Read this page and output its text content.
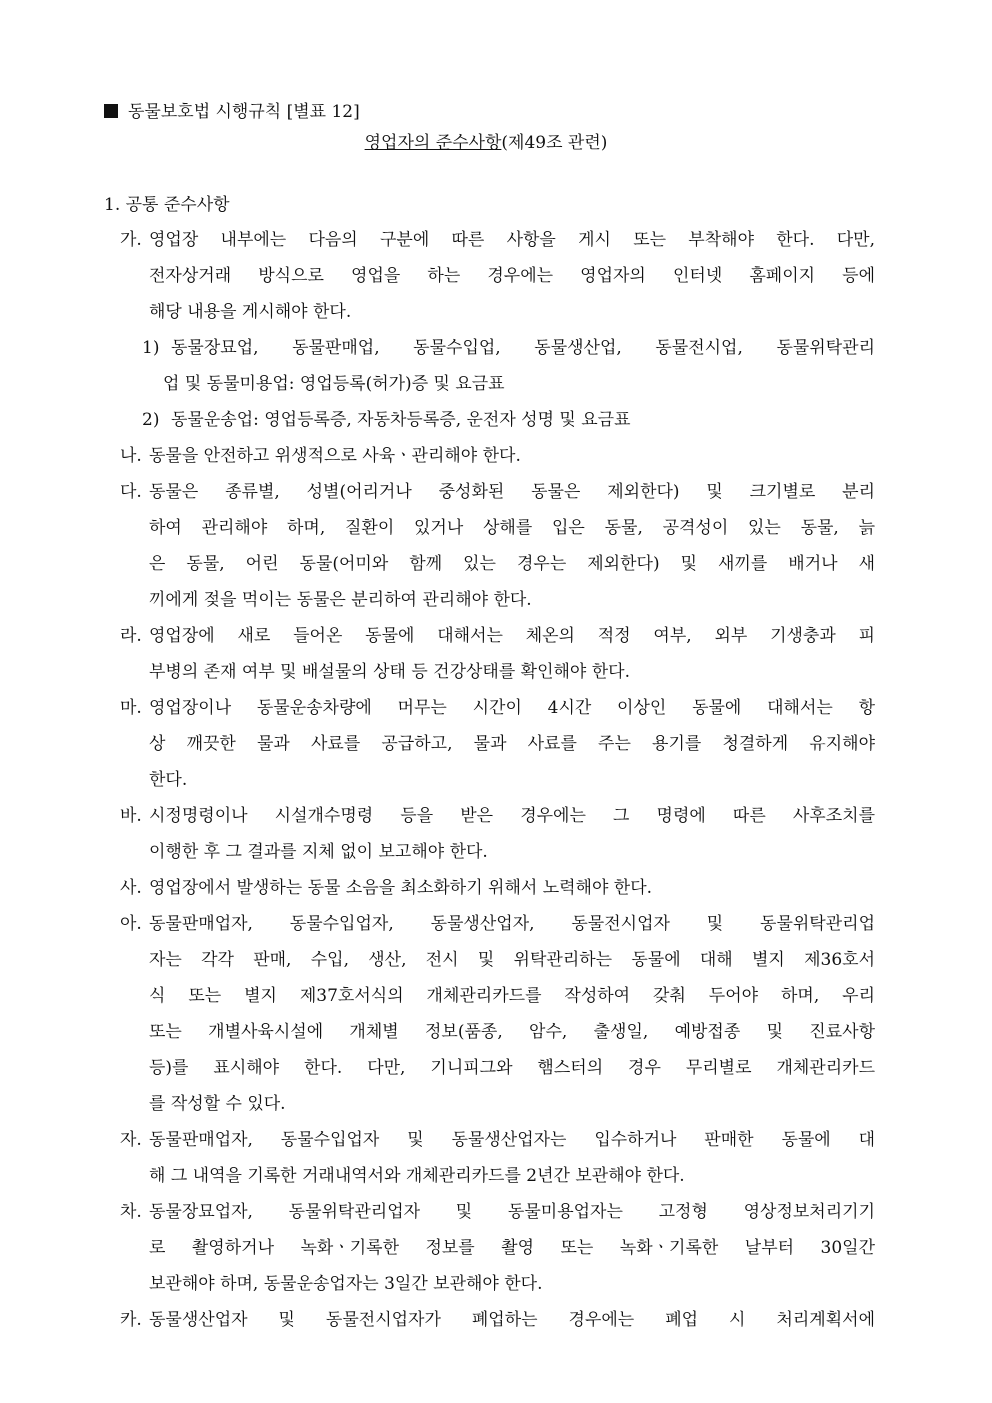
동물보호법 시행규칙 [별표 12]
영업자의 준수사항(제49조 관련)
1. 공통 준수사항
가. 영업장 내부에는 다음의 구분에 따른 사항을 게시 또는 부착해야 한다. 다만,
전자상거래 방식으로 영업을 하는 경우에는 영업자의 인터넷 홈페이지 등에
해당 내용을 게시해야 한다.
1) 동물장묘업, 동물판매업, 동물수입업, 동물생산업, 동물전시업, 동물위탁관리
업 및 동물미용업: 영업등록(허가)증 및 요금표
2) 동물운송업: 영업등록증, 자동차등록증, 운전자 성명 및 요금표
나. 동물을 안전하고 위생적으로 사육ㆍ관리해야 한다.
다. 동물은 종류별, 성별(어리거나 중성화된 동물은 제외한다) 및 크기별로 분리
하여 관리해야 하며, 질환이 있거나 상해를 입은 동물, 공격성이 있는 동물, 늙
은 동물, 어린 동물(어미와 함께 있는 경우는 제외한다) 및 새끼를 배거나 새
끼에게 젖을 먹이는 동물은 분리하여 관리해야 한다.
라. 영업장에 새로 들어온 동물에 대해서는 체온의 적정 여부, 외부 기생충과 피
부병의 존재 여부 및 배설물의 상태 등 건강상태를 확인해야 한다.
마. 영업장이나 동물운송차량에 머무는 시간이 4시간 이상인 동물에 대해서는 항
상 깨끗한 물과 사료를 공급하고, 물과 사료를 주는 용기를 청결하게 유지해야
한다.
바. 시정명령이나 시설개수명령 등을 받은 경우에는 그 명령에 따른 사후조치를
이행한 후 그 결과를 지체 없이 보고해야 한다.
사. 영업장에서 발생하는 동물 소음을 최소화하기 위해서 노력해야 한다.
아. 동물판매업자, 동물수입업자, 동물생산업자, 동물전시업자 및 동물위탁관리업
자는 각각 판매, 수입, 생산, 전시 및 위탁관리하는 동물에 대해 별지 제36호서
식 또는 별지 제37호서식의 개체관리카드를 작성하여 갖춰 두어야 하며, 우리
또는 개별사육시설에 개체별 정보(품종, 암수, 출생일, 예방접종 및 진료사항
등)를 표시해야 한다. 다만, 기니피그와 햄스터의 경우 무리별로 개체관리카드
를 작성할 수 있다.
자. 동물판매업자, 동물수입업자 및 동물생산업자는 입수하거나 판매한 동물에 대
해 그 내역을 기록한 거래내역서와 개체관리카드를 2년간 보관해야 한다.
차. 동물장묘업자, 동물위탁관리업자 및 동물미용업자는 고정형 영상정보처리기기
로 촬영하거나 녹화ㆍ기록한 정보를 촬영 또는 녹화ㆍ기록한 날부터 30일간
보관해야 하며, 동물운송업자는 3일간 보관해야 한다.
카. 동물생산업자 및 동물전시업자가 폐업하는 경우에는 폐업 시 처리계획서에
